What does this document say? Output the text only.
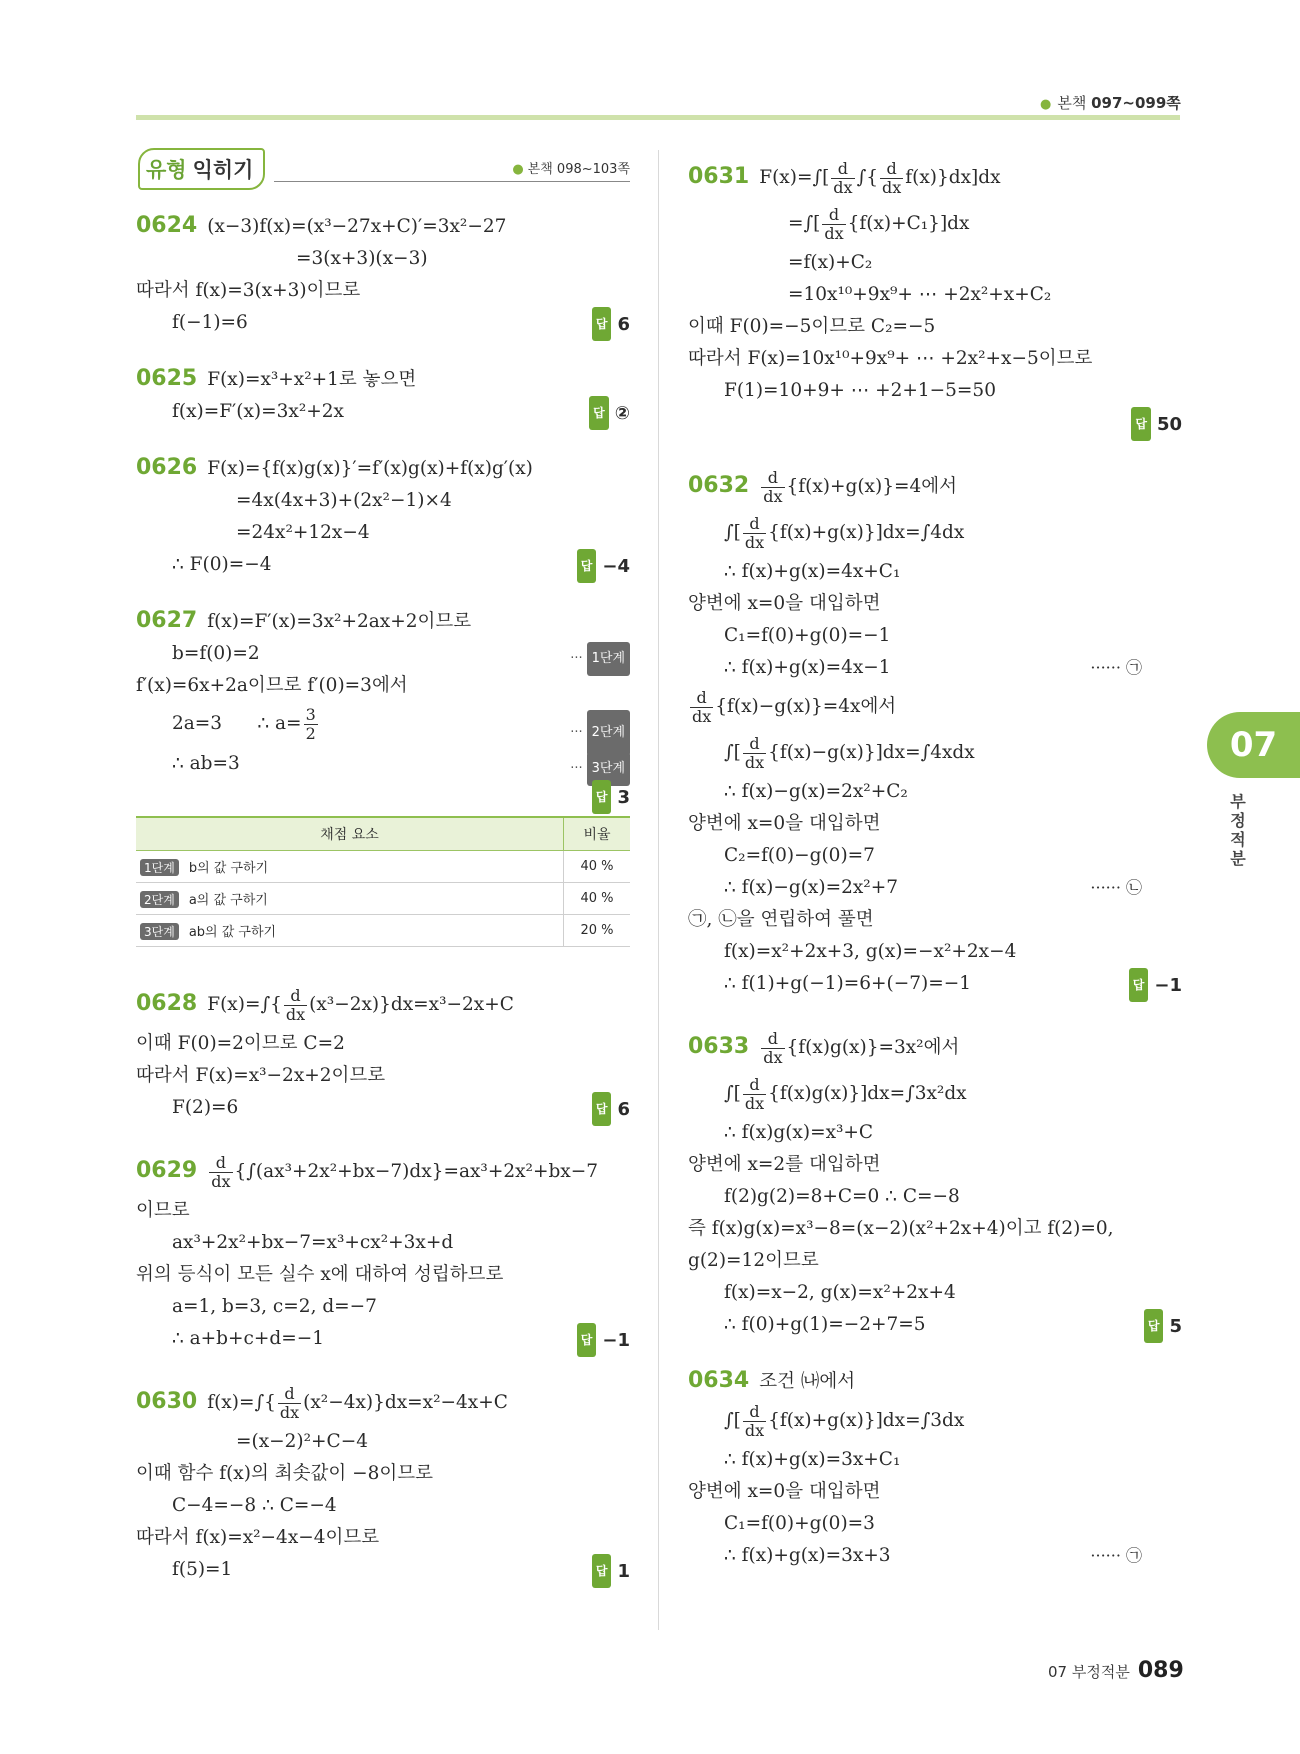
● 본책 097~099쪽
유형 익히기	● 본책 098~103쪽
0624 (x−3)f(x)=(x³−27x+C)′=3x²−27
=3(x+3)(x−3)
따라서 f(x)=3(x+3)이므로
f(−1)=6	답 6
0625 F(x)=x³+x²+1로 놓으면
f(x)=F′(x)=3x²+2x	답 ②
0626 F(x)={f(x)g(x)}′=f′(x)g(x)+f(x)g′(x)
=4x(4x+3)+(2x²−1)×4
=24x²+12x−4
∴ F(0)=−4	답 −4
0627 f(x)=F′(x)=3x²+2ax+2이므로
b=f(0)=2	··· 1단계
f′(x)=6x+2a이므로 f′(0)=3에서
2a=3 ∴ $a= \frac{3}{2}$	··· 2단계
∴ ab=3	··· 3단계
답 3
채점 요소	비율
1단계 b의 값 구하기	40 %
2단계 a의 값 구하기	40 %
3단계 ab의 값 구하기	20 %
0628 $F(x)=\int\{ \frac{d}{dx} (x^3-2x)\}dx=x^3-2x+C$
이때 F(0)=2이므로 C=2
따라서 F(x)=x³−2x+2이므로
F(2)=6	답 6
$0629 \frac{d}{dx} \{\int(ax^3+2x^2+bx-7)dx\}=ax^3+2x^2+bx-7$
이므로
ax³+2x²+bx−7=x³+cx²+3x+d
위의 등식이 모든 실수 x에 대하여 성립하므로
a=1, b=3, c=2, d=−7
∴ a+b+c+d=−1	답 −1
0630 $f(x)=\int\{ \frac{d}{dx} (x^2-4x)\}dx=x^2-4x+C$
=(x−2)²+C−4
이때 함수 f(x)의 최솟값이 −8이므로
C−4=−8 ∴ C=−4
따라서 f(x)=x²−4x−4이므로
f(5)=1	답 1
0631 $F(x)=\int[ \frac{d}{dx}$ ∫{ $\frac{d}{dx} f(x)\}dx]dx$
=∫[ $\frac{d}{dx} \{f(x)+C_1\}]dx$
=f(x)+C₂
=10x¹⁰+9x⁹+ ⋯ +2x²+x+C₂
이때 F(0)=−5이므로 C₂=−5
따라서 F(x)=10x¹⁰+9x⁹+ ⋯ +2x²+x−5이므로
F(1)=10+9+ ⋯ +2+1−5=50
답 50
$0632 \frac{d}{dx} \{f(x)+g(x)\}=4$에서
∫[ $\frac{d}{dx} \{f(x)+g(x)\}]dx=\int 4dx$
∴ f(x)+g(x)=4x+C₁
양변에 x=0을 대입하면
C₁=f(0)+g(0)=−1
∴ f(x)+g(x)=4x−1	······ ㉠
$\frac{d}{dx} \{f(x)-g(x)\}=4x$에서
∫[ $\frac{d}{dx} \{f(x)-g(x)\}]dx=\int 4xdx$
∴ f(x)−g(x)=2x²+C₂
양변에 x=0을 대입하면
C₂=f(0)−g(0)=7
∴ f(x)−g(x)=2x²+7	······ ㉡
㉠, ㉡을 연립하여 풀면
f(x)=x²+2x+3, g(x)=−x²+2x−4
∴ f(1)+g(−1)=6+(−7)=−1	답 −1
$0633 \frac{d}{dx} \{f(x)g(x)\}=3x^2$에서
∫[ $\frac{d}{dx} \{f(x)g(x)\}]dx=\int 3x^2dx$
∴ f(x)g(x)=x³+C
양변에 x=2를 대입하면
f(2)g(2)=8+C=0 ∴ C=−8
즉 f(x)g(x)=x³−8=(x−2)(x²+2x+4)이고 f(2)=0,
g(2)=12이므로
f(x)=x−2, g(x)=x²+2x+4
∴ f(0)+g(1)=−2+7=5	답 5
0634 조건 ㈏에서
∫[ $\frac{d}{dx} \{f(x)+g(x)\}]dx=\int 3dx$
∴ f(x)+g(x)=3x+C₁
양변에 x=0을 대입하면
C₁=f(0)+g(0)=3
∴ f(x)+g(x)=3x+3	······ ㉠
07
부정적분
07 부정적분 089
